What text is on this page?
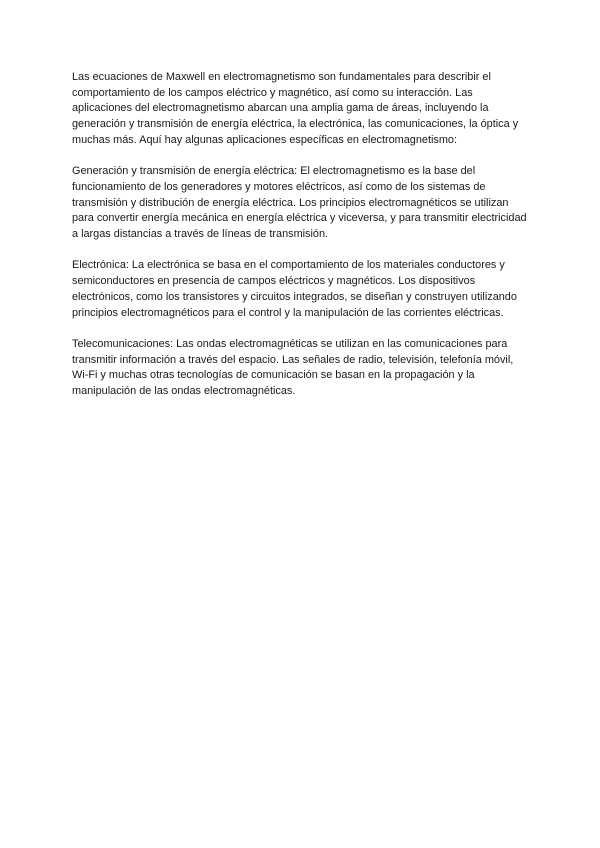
Las ecuaciones de Maxwell en electromagnetismo son fundamentales para describir el comportamiento de los campos eléctrico y magnético, así como su interacción. Las aplicaciones del electromagnetismo abarcan una amplia gama de áreas, incluyendo la generación y transmisión de energía eléctrica, la electrónica, las comunicaciones, la óptica y muchas más. Aquí hay algunas aplicaciones específicas en electromagnetismo:

Generación y transmisión de energía eléctrica: El electromagnetismo es la base del funcionamiento de los generadores y motores eléctricos, así como de los sistemas de transmisión y distribución de energía eléctrica. Los principios electromagnéticos se utilizan para convertir energía mecánica en energía eléctrica y viceversa, y para transmitir electricidad a largas distancias a través de líneas de transmisión.

Electrónica: La electrónica se basa en el comportamiento de los materiales conductores y semiconductores en presencia de campos eléctricos y magnéticos. Los dispositivos electrónicos, como los transistores y circuitos integrados, se diseñan y construyen utilizando principios electromagnéticos para el control y la manipulación de las corrientes eléctricas.

Telecomunicaciones: Las ondas electromagnéticas se utilizan en las comunicaciones para transmitir información a través del espacio. Las señales de radio, televisión, telefonía móvil, Wi-Fi y muchas otras tecnologías de comunicación se basan en la propagación y la manipulación de las ondas electromagnéticas.
